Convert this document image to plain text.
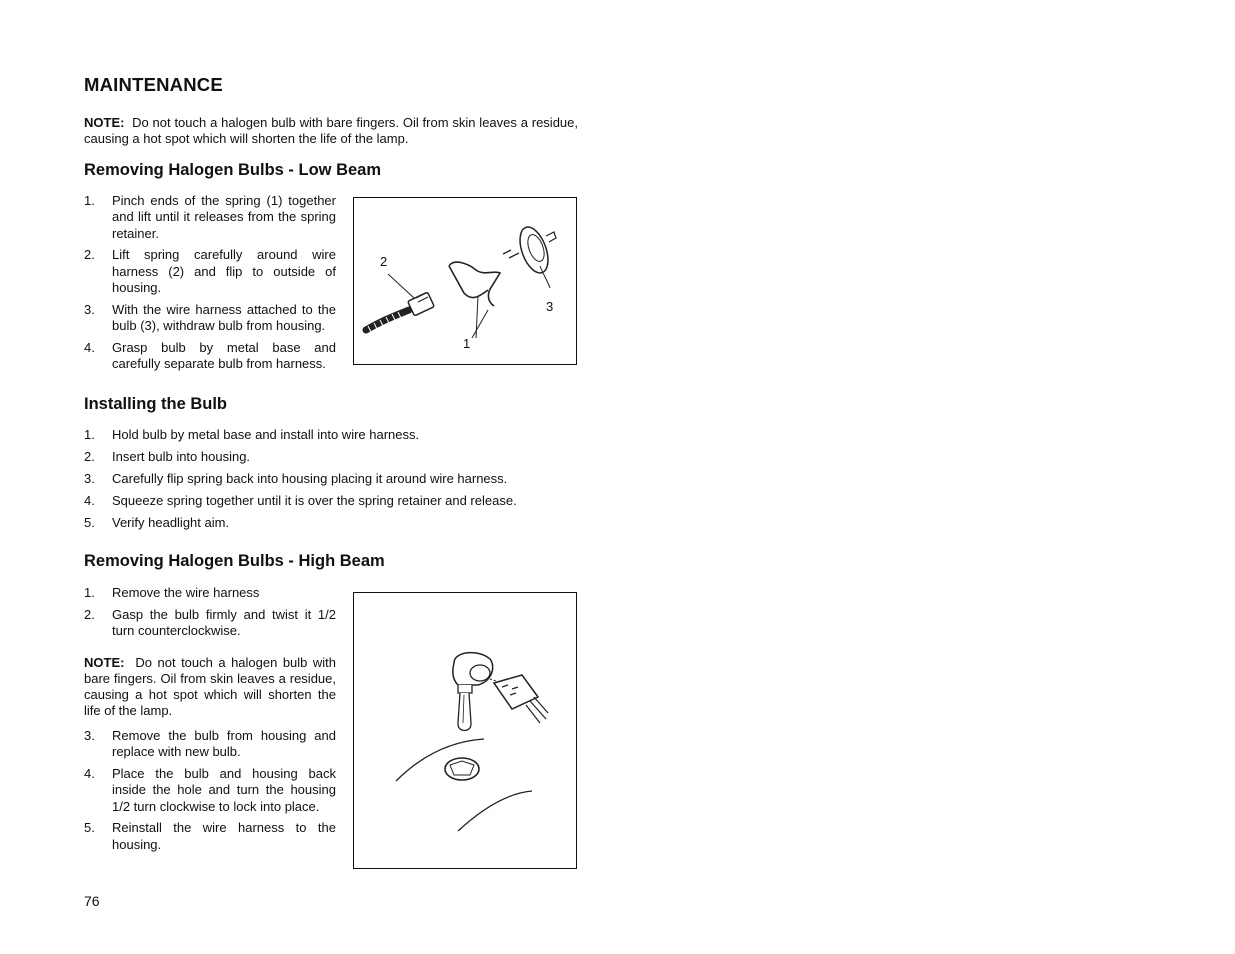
MAINTENANCE
NOTE: Do not touch a halogen bulb with bare fingers. Oil from skin leaves a residue, causing a hot spot which will shorten the life of the lamp.
Removing Halogen Bulbs - Low Beam
1. Pinch ends of the spring (1) together and lift until it releases from the spring retainer.
2. Lift spring carefully around wire harness (2) and flip to outside of housing.
3. With the wire harness attached to the bulb (3), withdraw bulb from housing.
4. Grasp bulb by metal base and carefully separate bulb from harness.
2
1
3
Installing the Bulb
1. Hold bulb by metal base and install into wire harness.
2. Insert bulb into housing.
3. Carefully flip spring back into housing placing it around wire harness.
4. Squeeze spring together until it is over the spring retainer and release.
5. Verify headlight aim.
Removing Halogen Bulbs - High Beam
1. Remove the wire harness
2. Gasp the bulb firmly and twist it 1/2 turn counterclockwise.
NOTE: Do not touch a halogen bulb with bare fingers. Oil from skin leaves a residue, causing a hot spot which will shorten the life of the lamp.
3. Remove the bulb from housing and replace with new bulb.
4. Place the bulb and housing back inside the hole and turn the housing 1/2 turn clockwise to lock into place.
5. Reinstall the wire harness to the housing.
76
